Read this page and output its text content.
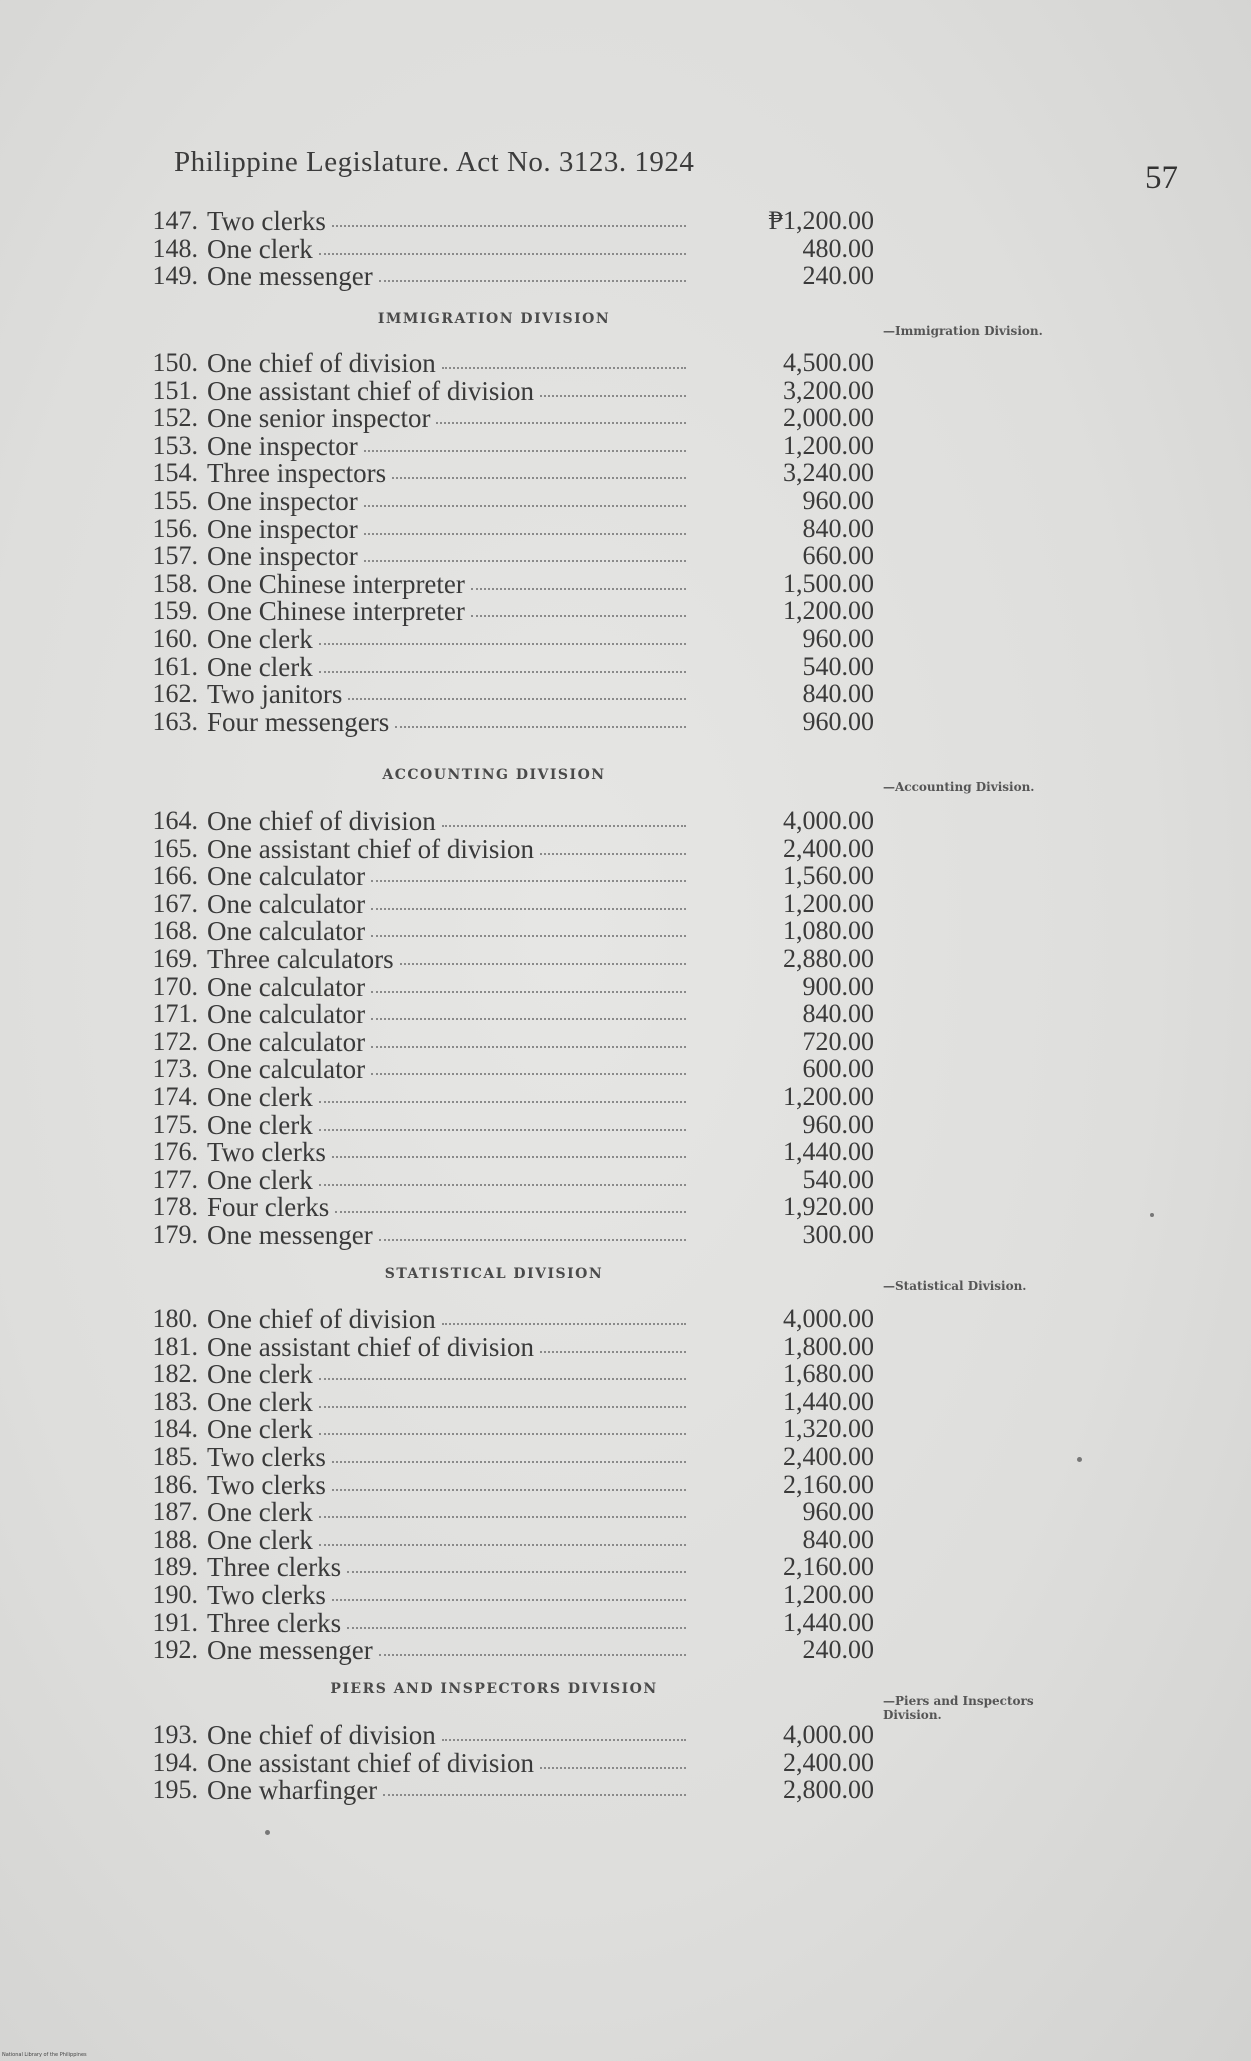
Philippine Legislature. Act No. 3123. 1924	57
147. Two clerks	₱1,200.00
148. One clerk	480.00
149. One messenger	240.00
IMMIGRATION DIVISION
—Immigration Division.
150. One chief of division	4,500.00
151. One assistant chief of division	3,200.00
152. One senior inspector	2,000.00
153. One inspector	1,200.00
154. Three inspectors	3,240.00
155. One inspector	960.00
156. One inspector	840.00
157. One inspector	660.00
158. One Chinese interpreter	1,500.00
159. One Chinese interpreter	1,200.00
160. One clerk	960.00
161. One clerk	540.00
162. Two janitors	840.00
163. Four messengers	960.00
ACCOUNTING DIVISION
—Accounting Division.
164. One chief of division	4,000.00
165. One assistant chief of division	2,400.00
166. One calculator	1,560.00
167. One calculator	1,200.00
168. One calculator	1,080.00
169. Three calculators	2,880.00
170. One calculator	900.00
171. One calculator	840.00
172. One calculator	720.00
173. One calculator	600.00
174. One clerk	1,200.00
175. One clerk	960.00
176. Two clerks	1,440.00
177. One clerk	540.00
178. Four clerks	1,920.00
179. One messenger	300.00
STATISTICAL DIVISION
—Statistical Division.
180. One chief of division	4,000.00
181. One assistant chief of division	1,800.00
182. One clerk	1,680.00
183. One clerk	1,440.00
184. One clerk	1,320.00
185. Two clerks	2,400.00
186. Two clerks	2,160.00
187. One clerk	960.00
188. One clerk	840.00
189. Three clerks	2,160.00
190. Two clerks	1,200.00
191. Three clerks	1,440.00
192. One messenger	240.00
PIERS AND INSPECTORS DIVISION
—Piers and Inspectors Division.
193. One chief of division	4,000.00
194. One assistant chief of division	2,400.00
195. One wharfinger	2,800.00
National Library of the Philippines
